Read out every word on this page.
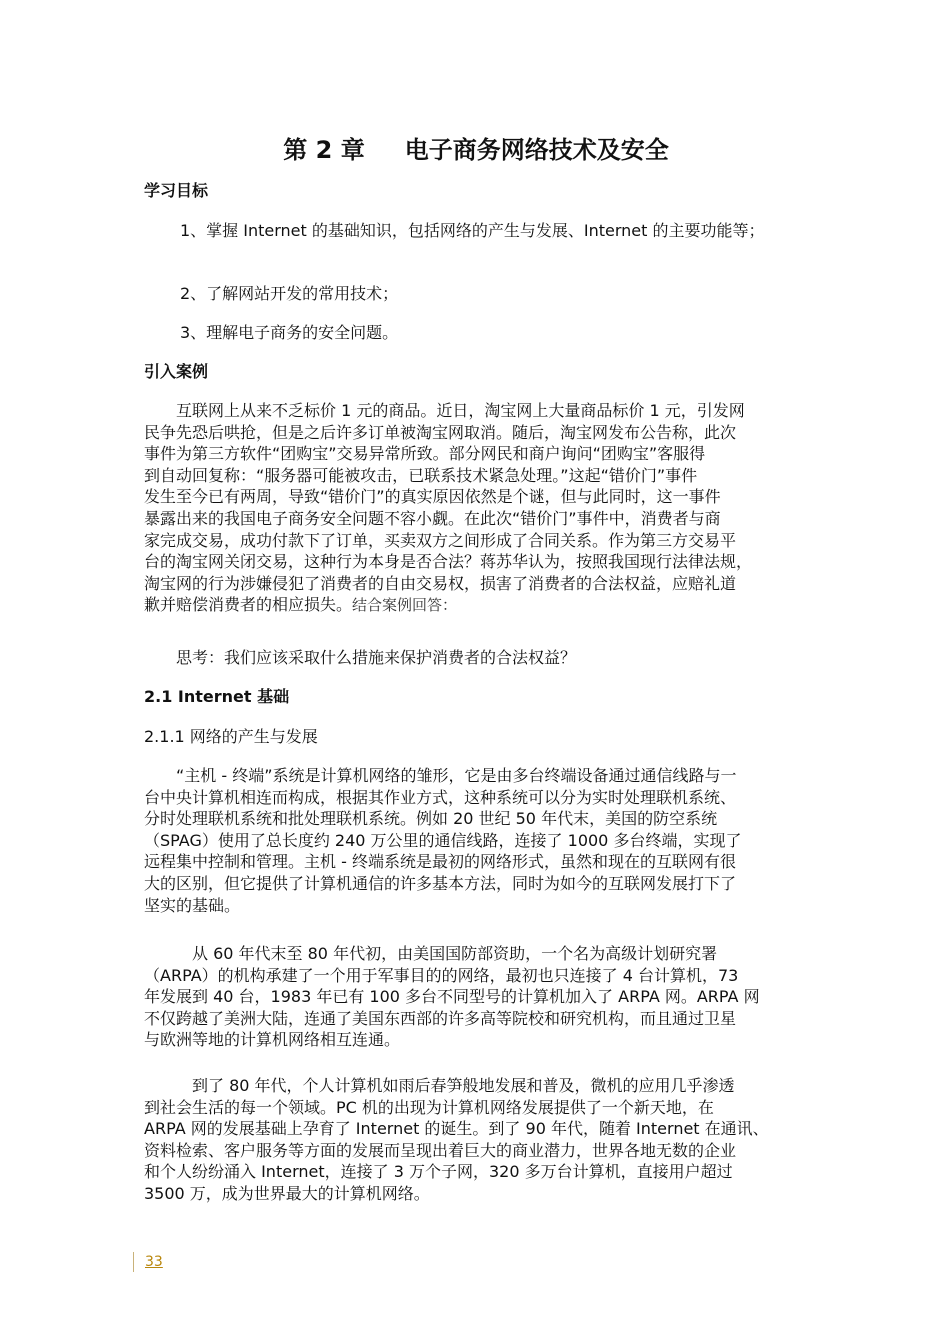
第 2 章 电子商务网络技术及安全
学习目标
1、掌握 Internet 的基础知识，包括网络的产生与发展、Internet 的主要功能等；
2、了解网站开发的常用技术；
3、理解电子商务的安全问题。
引入案例
　　互联网上从来不乏标价 1 元的商品。近日，淘宝网上大量商品标价 1 元，引发网
民争先恐后哄抢，但是之后许多订单被淘宝网取消。随后，淘宝网发布公告称，此次
事件为第三方软件“团购宝”交易异常所致。部分网民和商户询问“团购宝”客服得
到自动回复称：“服务器可能被攻击，已联系技术紧急处理。”这起“错价门”事件
发生至今已有两周，导致“错价门”的真实原因依然是个谜，但与此同时，这一事件
暴露出来的我国电子商务安全问题不容小觑。在此次“错价门”事件中，消费者与商
家完成交易，成功付款下了订单，买卖双方之间形成了合同关系。作为第三方交易平
台的淘宝网关闭交易，这种行为本身是否合法？蒋苏华认为，按照我国现行法律法规，
淘宝网的行为涉嫌侵犯了消费者的自由交易权，损害了消费者的合法权益，应赔礼道
歉并赔偿消费者的相应损失。结合案例回答：
　　思考：我们应该采取什么措施来保护消费者的合法权益？
2.1 Internet 基础
2.1.1 网络的产生与发展
　　“主机 - 终端”系统是计算机网络的雏形，它是由多台终端设备通过通信线路与一
台中央计算机相连而构成，根据其作业方式，这种系统可以分为实时处理联机系统、
分时处理联机系统和批处理联机系统。例如 20 世纪 50 年代末，美国的防空系统
（SPAG）使用了总长度约 240 万公里的通信线路，连接了 1000 多台终端，实现了
远程集中控制和管理。主机 - 终端系统是最初的网络形式，虽然和现在的互联网有很
大的区别，但它提供了计算机通信的许多基本方法，同时为如今的互联网发展打下了
坚实的基础。
　　　从 60 年代末至 80 年代初，由美国国防部资助，一个名为高级计划研究署
（ARPA）的机构承建了一个用于军事目的的网络，最初也只连接了 4 台计算机，73
年发展到 40 台，1983 年已有 100 多台不同型号的计算机加入了 ARPA 网。ARPA 网
不仅跨越了美洲大陆，连通了美国东西部的许多高等院校和研究机构，而且通过卫星
与欧洲等地的计算机网络相互连通。
　　　到了 80 年代，个人计算机如雨后春笋般地发展和普及，微机的应用几乎渗透
到社会生活的每一个领域。PC 机的出现为计算机网络发展提供了一个新天地，在
ARPA 网的发展基础上孕育了 Internet 的诞生。到了 90 年代，随着 Internet 在通讯、
资料检索、客户服务等方面的发展而呈现出着巨大的商业潜力，世界各地无数的企业
和个人纷纷涌入 Internet，连接了 3 万个子网，320 多万台计算机，直接用户超过
3500 万，成为世界最大的计算机网络。
33
